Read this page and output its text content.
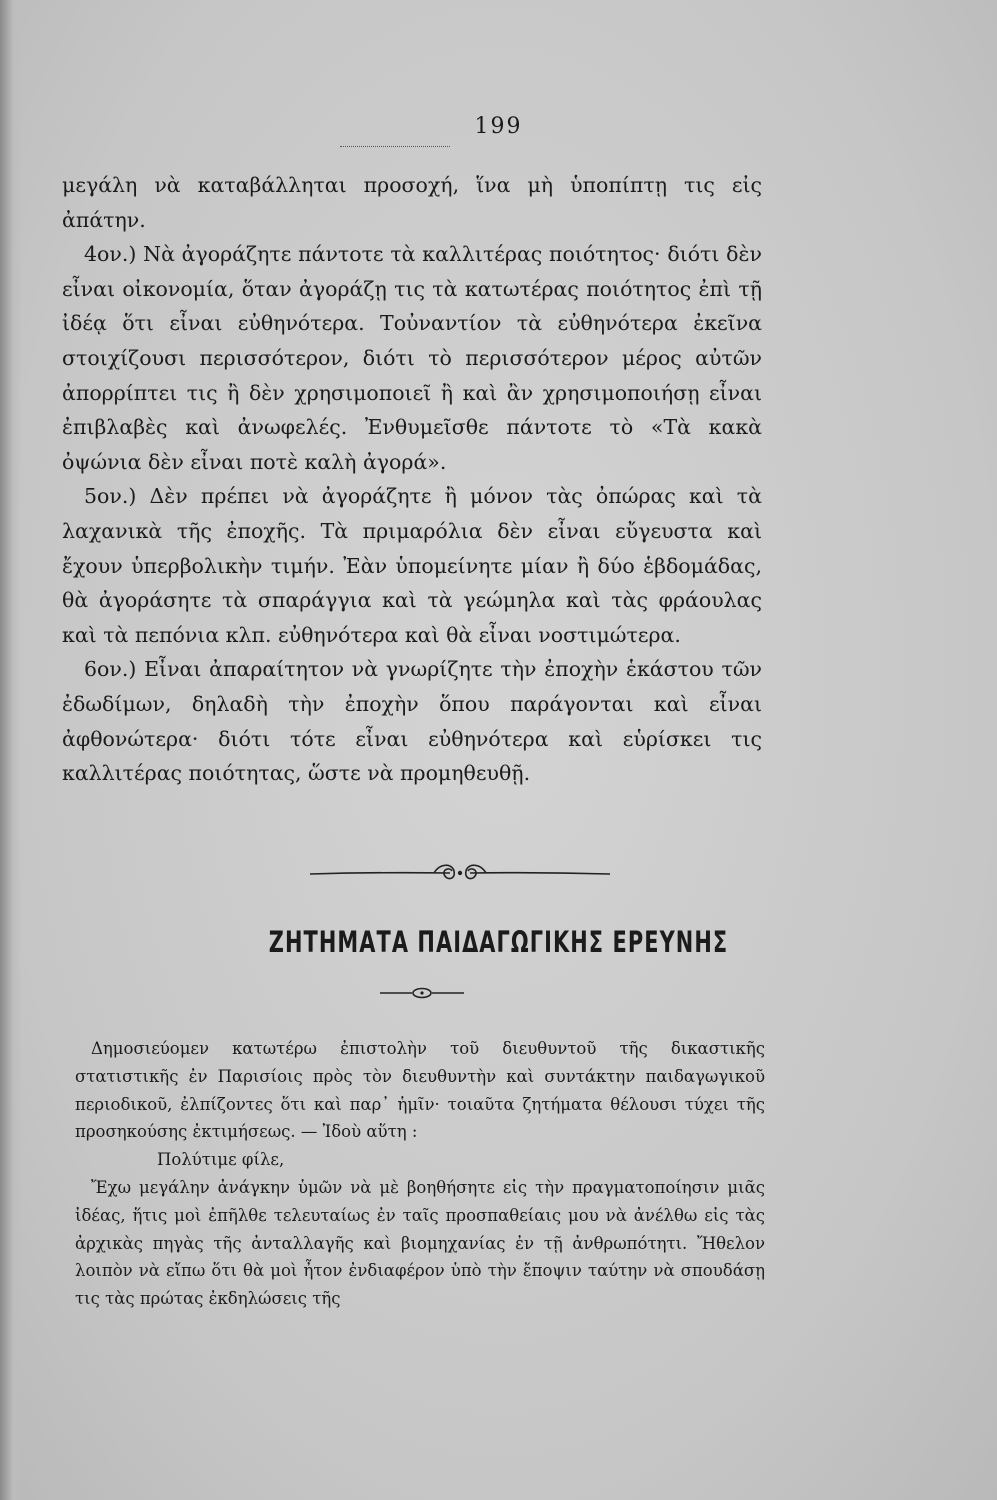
199

μεγάλη νὰ καταβάλληται προσοχή, ἵνα μὴ ὑποπίπτῃ τις εἰς ἀπάτην.

4ον.) Νὰ ἀγοράζητε πάντοτε τὰ καλλιτέρας ποιότητος· διότι δὲν εἶναι οἰκονομία, ὅταν ἀγοράζῃ τις τὰ κατωτέρας ποιότητος ἐπὶ τῇ ἰδέᾳ ὅτι εἶναι εὐθηνότερα. Τοὐναντίον τὰ εὐθηνότερα ἐκεῖνα στοιχίζουσι περισσότερον, διότι τὸ περισσότερον μέρος αὐτῶν ἀπορρίπτει τις ἢ δὲν χρησιμοποιεῖ ἢ καὶ ἂν χρησιμοποιήσῃ εἶναι ἐπιβλαβὲς καὶ ἀνωφελές. Ἐνθυμεῖσθε πάντοτε τὸ «Τὰ κακὰ ὀψώνια δὲν εἶναι ποτὲ καλὴ ἀγορά».

5ον.) Δὲν πρέπει νὰ ἀγοράζητε ἢ μόνον τὰς ὀπώρας καὶ τὰ λαχανικὰ τῆς ἐποχῆς. Τὰ πριμαρόλια δὲν εἶναι εὔγευστα καὶ ἔχουν ὑπερβολικὴν τιμήν. Ἐὰν ὑπομείνητε μίαν ἢ δύο ἑβδομάδας, θὰ ἀγοράσητε τὰ σπαράγγια καὶ τὰ γεώμηλα καὶ τὰς φράουλας καὶ τὰ πεπόνια κλπ. εὐθηνότερα καὶ θὰ εἶναι νοστιμώτερα.

6ον.) Εἶναι ἀπαραίτητον νὰ γνωρίζητε τὴν ἐποχὴν ἑκάστου τῶν ἐδωδίμων, δηλαδὴ τὴν ἐποχὴν ὅπου παράγονται καὶ εἶναι ἀφθονώτερα· διότι τότε εἶναι εὐθηνότερα καὶ εὑρίσκει τις καλλιτέρας ποιότητας, ὥστε νὰ προμηθευθῇ.

ΖΗΤΗΜΑΤΑ ΠΑΙΔΑΓΩΓΙΚΗΣ ΕΡΕΥΝΗΣ

Δημοσιεύομεν κατωτέρω ἐπιστολὴν τοῦ διευθυντοῦ τῆς δικαστικῆς στατιστικῆς ἐν Παρισίοις πρὸς τὸν διευθυντὴν καὶ συντάκτην παιδαγωγικοῦ περιοδικοῦ, ἐλπίζοντες ὅτι καὶ παρ᾽ ἡμῖν· τοιαῦτα ζητήματα θέλουσι τύχει τῆς προσηκούσης ἐκτιμήσεως. — Ἰδοὺ αὕτη :

Πολύτιμε φίλε,

Ἔχω μεγάλην ἀνάγκην ὑμῶν νὰ μὲ βοηθήσητε εἰς τὴν πραγματοποίησιν μιᾶς ἰδέας, ἥτις μοὶ ἐπῆλθε τελευταίως ἐν ταῖς προσπαθείαις μου νὰ ἀνέλθω εἰς τὰς ἀρχικὰς πηγὰς τῆς ἀνταλλαγῆς καὶ βιομηχανίας ἐν τῇ ἀνθρωπότητι. Ἤθελον λοιπὸν νὰ εἴπω ὅτι θὰ μοὶ ἦτον ἐνδιαφέρον ὑπὸ τὴν ἔποψιν ταύτην νὰ σπουδάσῃ τις τὰς πρώτας ἐκδηλώσεις τῆς
